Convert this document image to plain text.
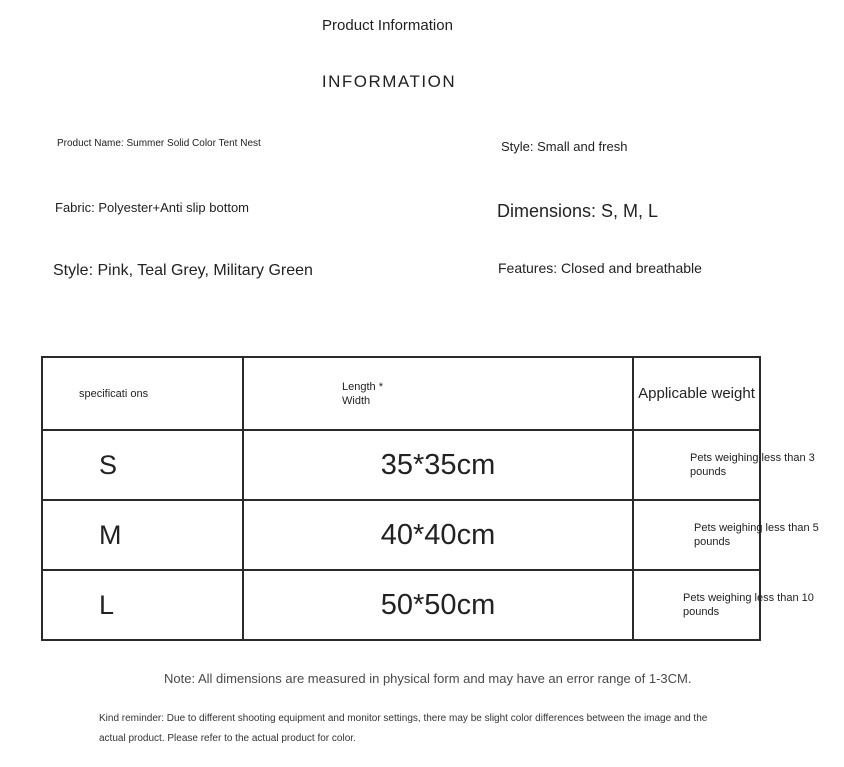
Product Information
INFORMATION
Product Name: Summer Solid Color Tent Nest	Style: Small and fresh
Fabric: Polyester+Anti slip bottom	Dimensions: S, M, L
Style: Pink, Teal Grey, Military Green	Features: Closed and breathable
specificati ons	Length * Width	Applicable weight
S	35*35cm	Pets weighing less than 3 pounds

M	40*40cm	Pets weighing less than 5 pounds

L	50*50cm	Pets weighing less than 10 pounds
Note: All dimensions are measured in physical form and may have an error range of 1-3CM.
Kind reminder: Due to different shooting equipment and monitor settings, there may be slight color differences between the image and the actual product. Please refer to the actual product for color.
